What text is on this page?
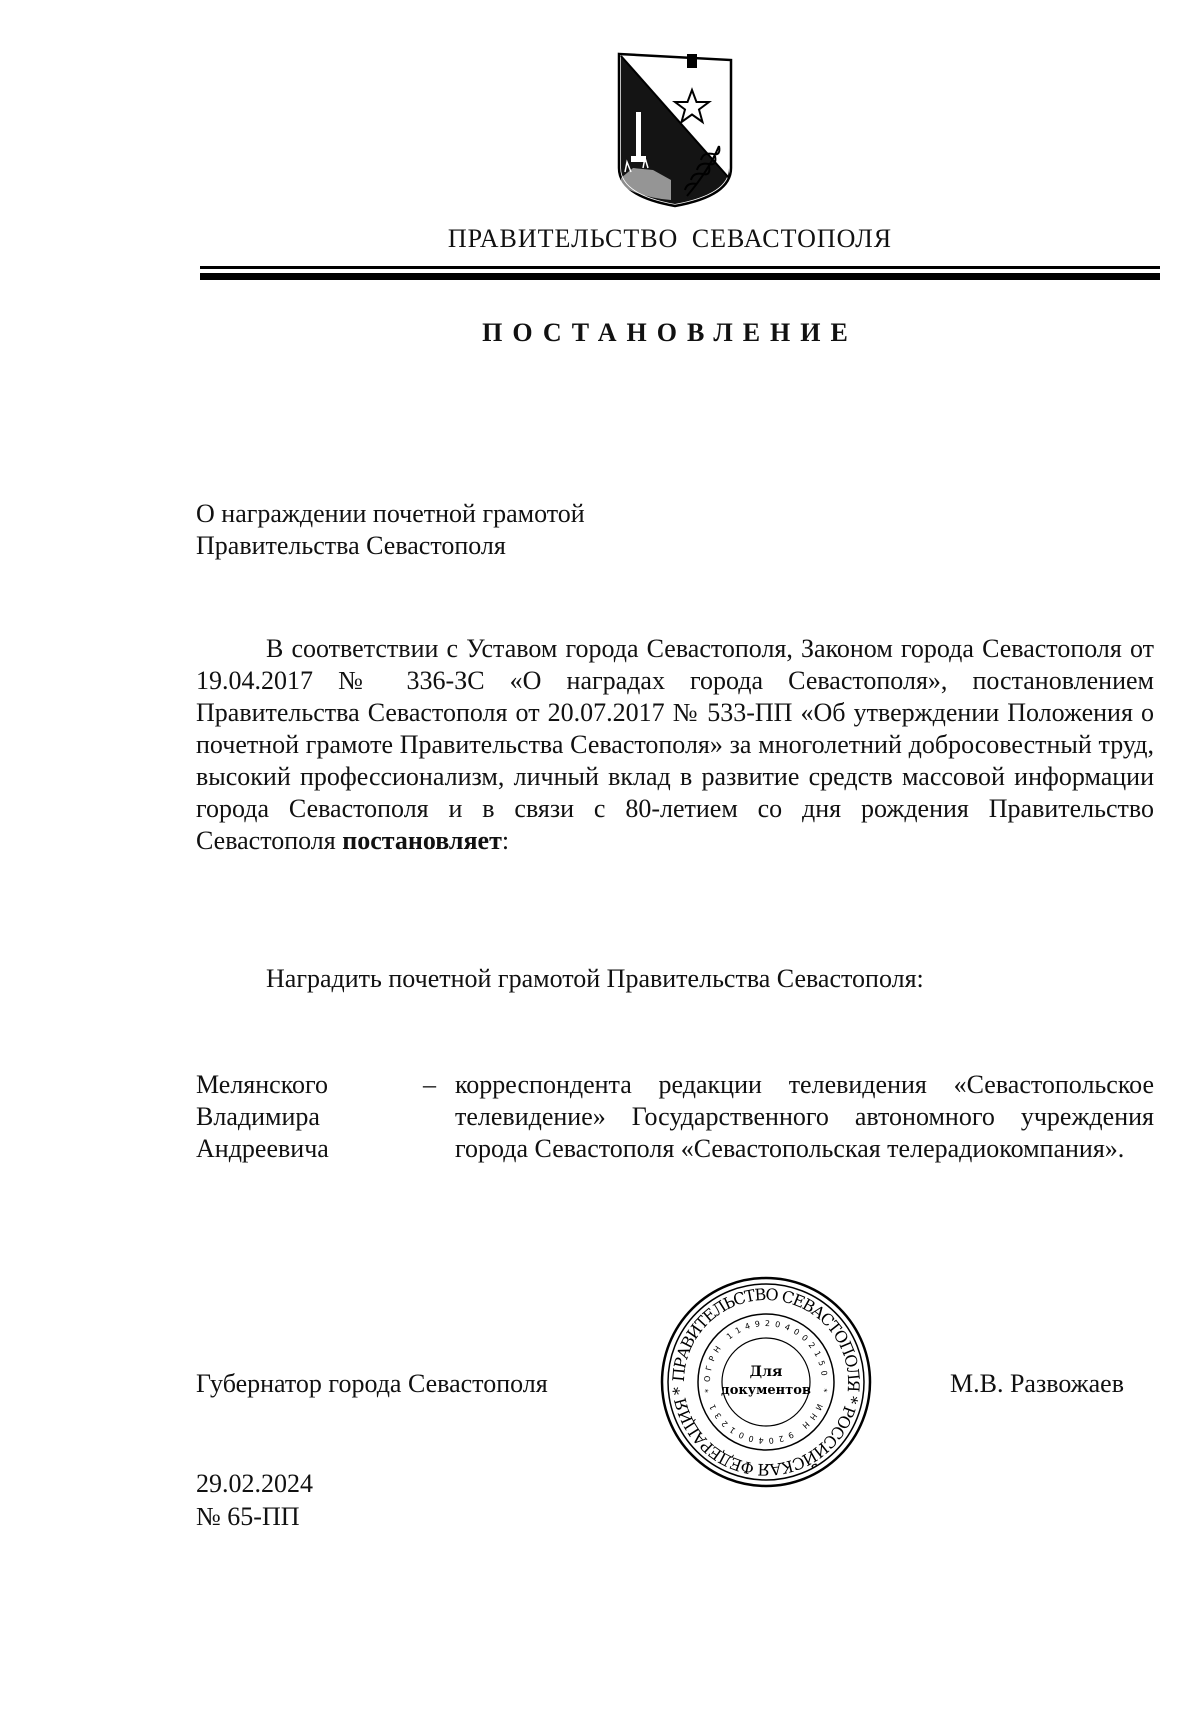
ПРАВИТЕЛЬСТВО СЕВАСТОПОЛЯ
ПОСТАНОВЛЕНИЕ
О награждении почетной грамотой
Правительства Севастополя
В соответствии с Уставом города Севастополя, Законом города Севастополя от 19.04.2017 № 336-ЗС «О наградах города Севастополя», постановлением Правительства Севастополя от 20.07.2017 № 533-ПП «Об утверждении Положения о почетной грамоте Правительства Севастополя» за многолетний добросовестный труд, высокий профессионализм, личный вклад в развитие средств массовой информации города Севастополя и в связи с 80-летием со дня рождения Правительство Севастополя постановляет:
Наградить почетной грамотой Правительства Севастополя:
Мелянского
Владимира
Андреевича
– корреспондента редакции телевидения «Севастопольское телевидение» Государственного автономного учреждения города Севастополя «Севастопольская телерадиокомпания».
Губернатор города Севастополя	ПРАВИТЕЛЬСТВО СЕВАСТОПОЛЯ * РОССИЙСКАЯ ФЕДЕРАЦИЯ *
ОГРН 1149204002150 * ИНН 9204001231 *
Для
документов	М.В. Развожаев
29.02.2024
№ 65-ПП
